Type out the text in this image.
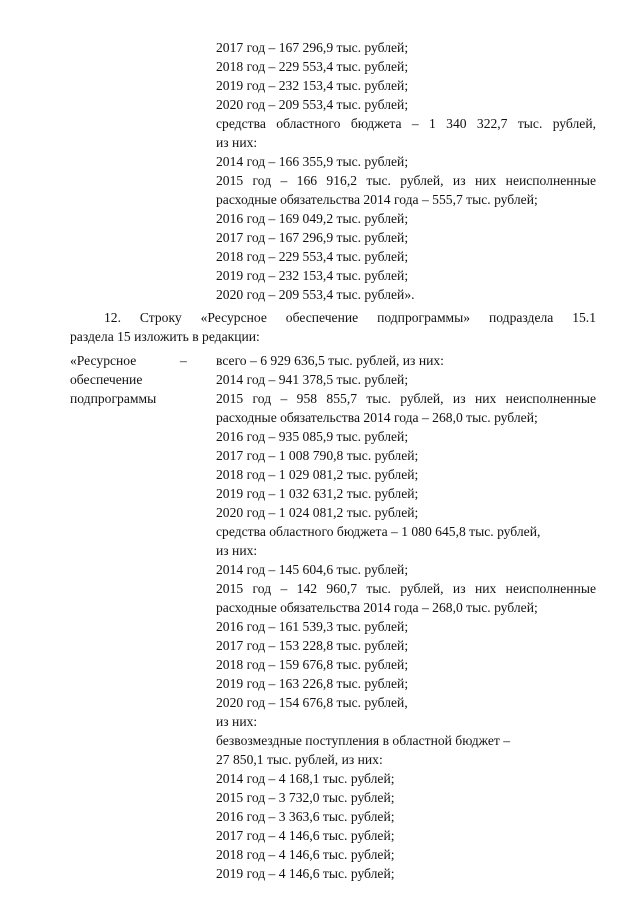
2017 год – 167 296,9 тыс. рублей;
2018 год – 229 553,4 тыс. рублей;
2019 год – 232 153,4 тыс. рублей;
2020 год – 209 553,4 тыс. рублей;
средства областного бюджета – 1 340 322,7 тыс. рублей,
из них:
2014 год – 166 355,9 тыс. рублей;
2015 год – 166 916,2 тыс. рублей, из них неисполненные
расходные обязательства 2014 года – 555,7 тыс. рублей;
2016 год – 169 049,2 тыс. рублей;
2017 год – 167 296,9 тыс. рублей;
2018 год – 229 553,4 тыс. рублей;
2019 год – 232 153,4 тыс. рублей;
2020 год – 209 553,4 тыс. рублей».
12. Строку «Ресурсное обеспечение подпрограммы» подраздела 15.1
раздела 15 изложить в редакции:
«Ресурсное	–
обеспечение
подпрограммы
всего – 6 929 636,5 тыс. рублей, из них:
2014 год – 941 378,5 тыс. рублей;
2015 год – 958 855,7 тыс. рублей, из них неисполненные
расходные обязательства 2014 года – 268,0 тыс. рублей;
2016 год – 935 085,9 тыс. рублей;
2017 год – 1 008 790,8 тыс. рублей;
2018 год – 1 029 081,2 тыс. рублей;
2019 год – 1 032 631,2 тыс. рублей;
2020 год – 1 024 081,2 тыс. рублей;
средства областного бюджета – 1 080 645,8 тыс. рублей,
из них:
2014 год – 145 604,6 тыс. рублей;
2015 год – 142 960,7 тыс. рублей, из них неисполненные
расходные обязательства 2014 года – 268,0 тыс. рублей;
2016 год – 161 539,3 тыс. рублей;
2017 год – 153 228,8 тыс. рублей;
2018 год – 159 676,8 тыс. рублей;
2019 год – 163 226,8 тыс. рублей;
2020 год – 154 676,8 тыс. рублей,
из них:
безвозмездные поступления в областной бюджет –
27 850,1 тыс. рублей, из них:
2014 год – 4 168,1 тыс. рублей;
2015 год – 3 732,0 тыс. рублей;
2016 год – 3 363,6 тыс. рублей;
2017 год – 4 146,6 тыс. рублей;
2018 год – 4 146,6 тыс. рублей;
2019 год – 4 146,6 тыс. рублей;
